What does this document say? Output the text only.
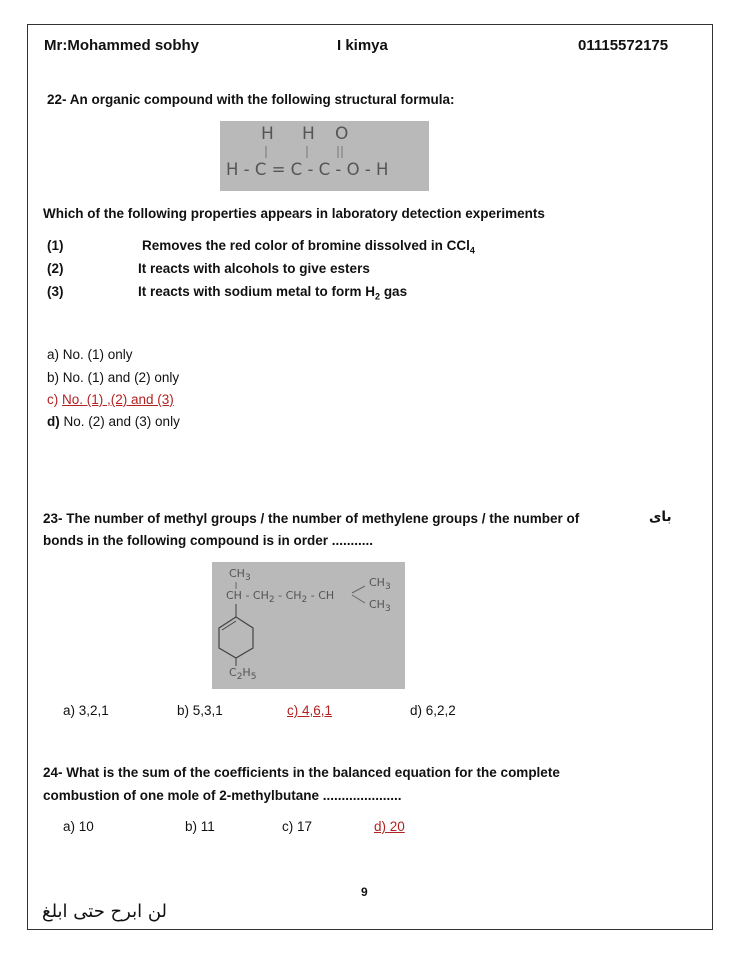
Mr:Mohammed sobhy	I kimya	01115572175
22- An organic compound with the following structural formula:
H H O
H - C = C - C - O - H
Which of the following properties appears in laboratory detection experiments
(1)	Removes the red color of bromine dissolved in CCl$_4$
(2)	It reacts with alcohols to give esters
(3)	It reacts with sodium metal to form $H_2$ gas
a) No. (1) only
b) No. (1) and (2) only
c) No. (1) ,(2) and (3)
d) No. (2) and (3) only
23- The number of methyl groups / the number of methylene groups / the number of	باى
bonds in the following compound is in order ...........
$CH_3$
CH - $CH_2 - CH_2$ - CH
$CH_3$
$CH_3$
$C_2H_5$
a) 3,2,1	b) 5,3,1	c) 4,6,1	d) 6,2,2
24- What is the sum of the coefficients in the balanced equation for the complete
combustion of one mole of 2-methylbutane .....................
a) 10	b) 11	c) 17	d) 20
9
لن ابرح حتى ابلغ
